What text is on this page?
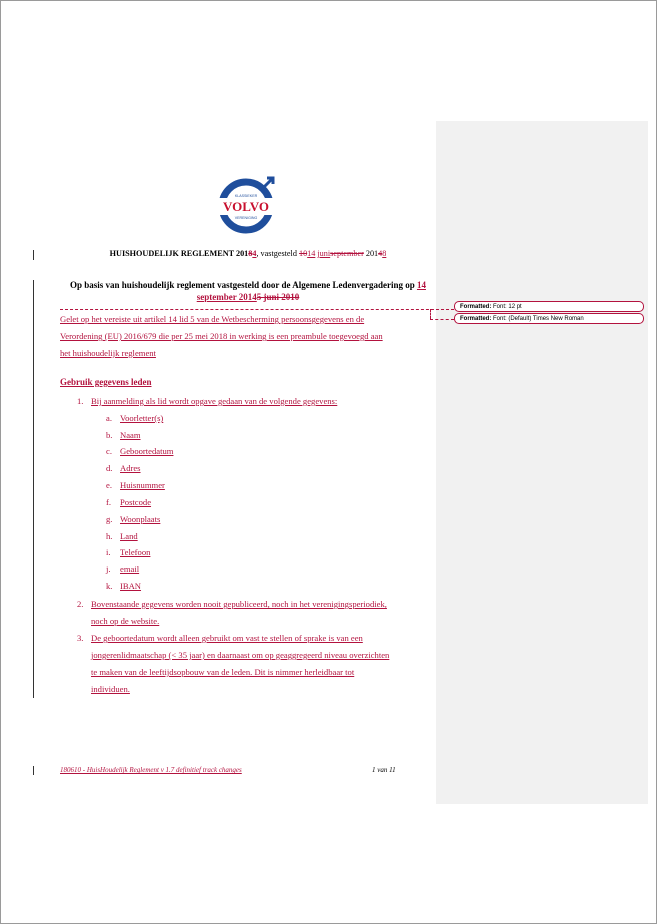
KLASSIEKER
VOLVO
VERENIGING
HUISHOUDELIJK REGLEMENT 20184, vastgesteld 1014 juniseptember 20148
Op basis van huishoudelijk reglement vastgesteld door de Algemene Ledenvergadering op 14
september 20145 juni 2010
Gelet op het vereiste uit artikel 14 lid 5 van de Wetbescherming persoonsgegevens en de
Verordening (EU) 2016/679 die per 25 mei 2018 in werking is een preambule toegevoegd aan
het huishoudelijk reglement
Gebruik gegevens leden
1. Bij aanmelding als lid wordt opgave gedaan van de volgende gegevens:
a. Voorletter(s)
b. Naam
c. Geboortedatum
d. Adres
e. Huisnummer
f. Postcode
g. Woonplaats
h. Land
i. Telefoon
j. email
k. IBAN
2. Bovenstaande gegevens worden nooit gepubliceerd, noch in het verenigingsperiodiek,
noch op de website.
3. De geboortedatum wordt alleen gebruikt om vast te stellen of sprake is van een
jongerenlidmaatschap (< 35 jaar) en daarnaast om op geaggregeerd niveau overzichten
te maken van de leeftijdsopbouw van de leden. Dit is nimmer herleidbaar tot
individuen.
180610 - HuisHoudelijk Reglement v 1.7 definitief track changes	1 van 11
Formatted: Font: 12 pt
Formatted: Font: (Default) Times New Roman
